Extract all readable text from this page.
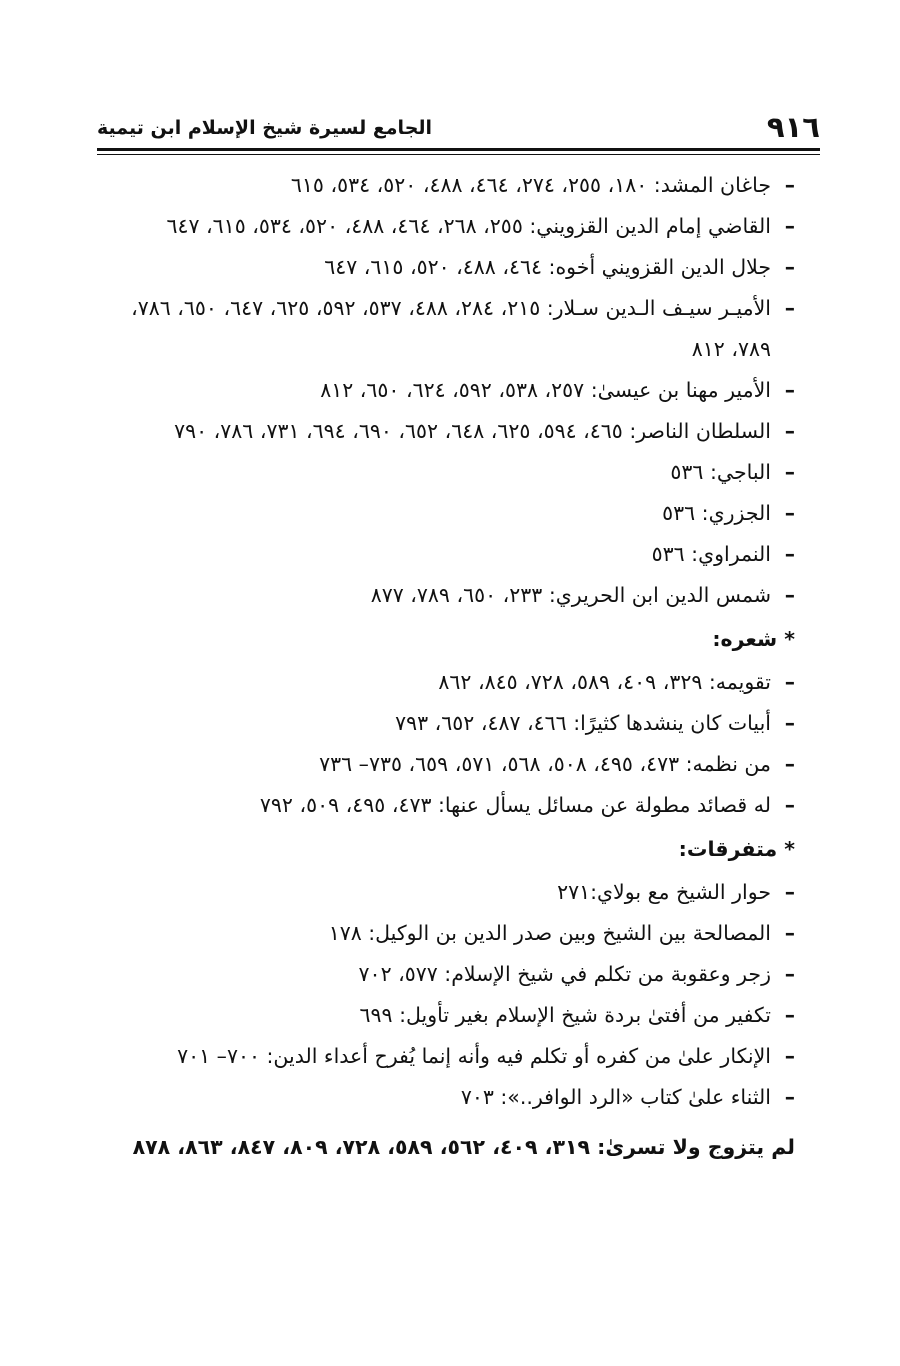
٩١٦
الجامع لسيرة شيخ الإسلام ابن تيمية
–
جاغان المشد: ١٨٠، ٢٥٥، ٢٧٤، ٤٦٤، ٤٨٨، ٥٢٠، ٥٣٤، ٦١٥
–
القاضي إمام الدين القزويني: ٢٥٥، ٢٦٨، ٤٦٤، ٤٨٨، ٥٢٠، ٥٣٤، ٦١٥، ٦٤٧
–
جلال الدين القزويني أخوه: ٤٦٤، ٤٨٨، ٥٢٠، ٦١٥، ٦٤٧
–
الأميـر سيـف الـدين سـلار: ٢١٥، ٢٨٤، ٤٨٨، ٥٣٧، ٥٩٢، ٦٢٥، ٦٤٧، ٦٥٠، ٧٨٦، ٧٨٩، ٨١٢
–
الأمير مهنا بن عيسىٰ: ٢٥٧، ٥٣٨، ٥٩٢، ٦٢٤، ٦٥٠، ٨١٢
–
السلطان الناصر: ٤٦٥، ٥٩٤، ٦٢٥، ٦٤٨، ٦٥٢، ٦٩٠، ٦٩٤، ٧٣١، ٧٨٦، ٧٩٠
–
الباجي: ٥٣٦
–
الجزري: ٥٣٦
–
النمراوي: ٥٣٦
–
شمس الدين ابن الحريري: ٢٣٣، ٦٥٠، ٧٨٩، ٨٧٧
* شعره:
–
تقويمه: ٣٢٩، ٤٠٩، ٥٨٩، ٧٢٨، ٨٤٥، ٨٦٢
–
أبيات كان ينشدها كثيرًا: ٤٦٦، ٤٨٧، ٦٥٢، ٧٩٣
–
من نظمه: ٤٧٣، ٤٩٥، ٥٠٨، ٥٦٨، ٥٧١، ٦٥٩، ٧٣٥– ٧٣٦
–
له قصائد مطولة عن مسائل يسأل عنها: ٤٧٣، ٤٩٥، ٥٠٩، ٧٩٢
* متفرقات:
–
حوار الشيخ مع بولاي:٢٧١
–
المصالحة بين الشيخ وبين صدر الدين بن الوكيل: ١٧٨
–
زجر وعقوبة من تكلم في شيخ الإسلام: ٥٧٧، ٧٠٢
–
تكفير من أفتىٰ بردة شيخ الإسلام بغير تأويل: ٦٩٩
–
الإنكار علىٰ من كفره أو تكلم فيه وأنه إنما يُفرح أعداء الدين: ٧٠٠– ٧٠١
–
الثناء علىٰ كتاب «الرد الوافر..»: ٧٠٣
لم يتزوج ولا تسرىٰ: ٣١٩، ٤٠٩، ٥٦٢، ٥٨٩، ٧٢٨، ٨٠٩، ٨٤٧، ٨٦٣، ٨٧٨
